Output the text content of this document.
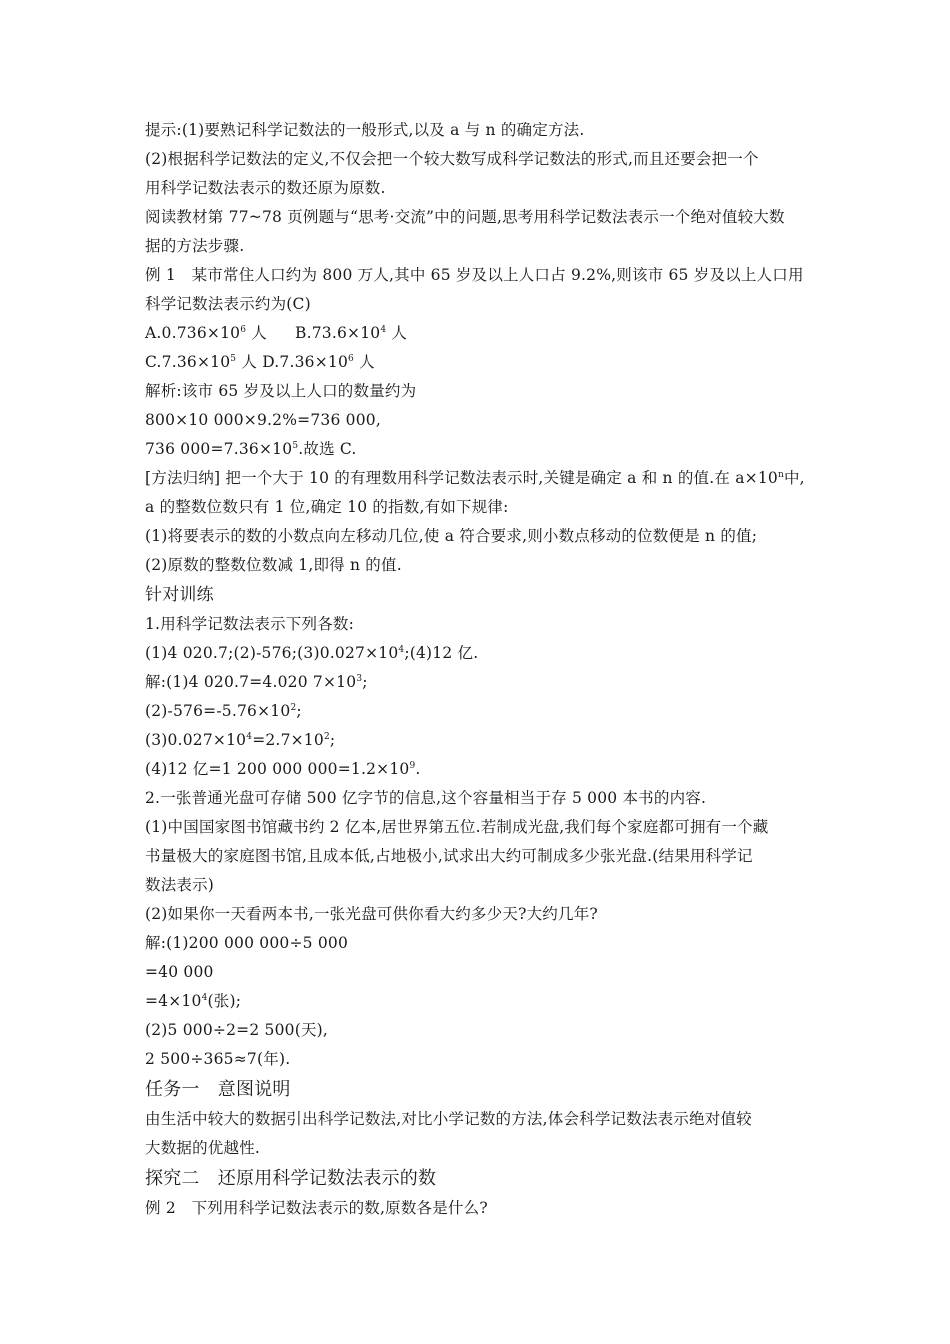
提示:(1)要熟记科学记数法的一般形式,以及 a 与 n 的确定方法.
(2)根据科学记数法的定义,不仅会把一个较大数写成科学记数法的形式,而且还要会把一个
用科学记数法表示的数还原为原数.
阅读教材第 77~78 页例题与“思考·交流”中的问题,思考用科学记数法表示一个绝对值较大数
据的方法步骤.
例 1　某市常住人口约为 800 万人,其中 65 岁及以上人口占 9.2%,则该市 65 岁及以上人口用
科学记数法表示约为(C)
$A.0.736\times 10^6$ 人 $B.73.6\times 10^4$ 人
$C.7.36\times 10^5$ 人 $D.7.36\times 10^6$ 人
解析:该市 65 岁及以上人口的数量约为
800×10 000×9.2%=736 000,
736 $000=7.36\times 10^5$.故选 C.
[方法归纳] 把一个大于 10 的有理数用科学记数法表示时,关键是确定 a 和 n 的值.在 $a\times 10^n$中,
a 的整数位数只有 1 位,确定 10 的指数,有如下规律:
(1)将要表示的数的小数点向左移动几位,使 a 符合要求,则小数点移动的位数便是 n 的值;
(2)原数的整数位数减 1,即得 n 的值.
针对训练
1.用科学记数法表示下列各数:
(1)4 $020.7;(2)-576;(3)0.027\times 10^4;(4)12$ 亿.
解:(1)4 020.7=4.020 $7\times 10^3$;
$(2)-576=-5.76\times 10^2$;
$(3)0.027\times 10^4=2.7\times 10^2$;
(4)12 亿=1 200 000 $000=1.2\times 10^9$.
2.一张普通光盘可存储 500 亿字节的信息,这个容量相当于存 5 000 本书的内容.
(1)中国国家图书馆藏书约 2 亿本,居世界第五位.若制成光盘,我们每个家庭都可拥有一个藏
书量极大的家庭图书馆,且成本低,占地极小,试求出大约可制成多少张光盘.(结果用科学记
数法表示)
(2)如果你一天看两本书,一张光盘可供你看大约多少天?大约几年?
解:(1)200 000 000÷5 000
=40 000
$=4\times 10^4$(张);
(2)5 000÷2=2 500(天),
2 500÷365≈7(年).
任务一　意图说明
由生活中较大的数据引出科学记数法,对比小学记数的方法,体会科学记数法表示绝对值较
大数据的优越性.
探究二　还原用科学记数法表示的数
例 2　下列用科学记数法表示的数,原数各是什么?
